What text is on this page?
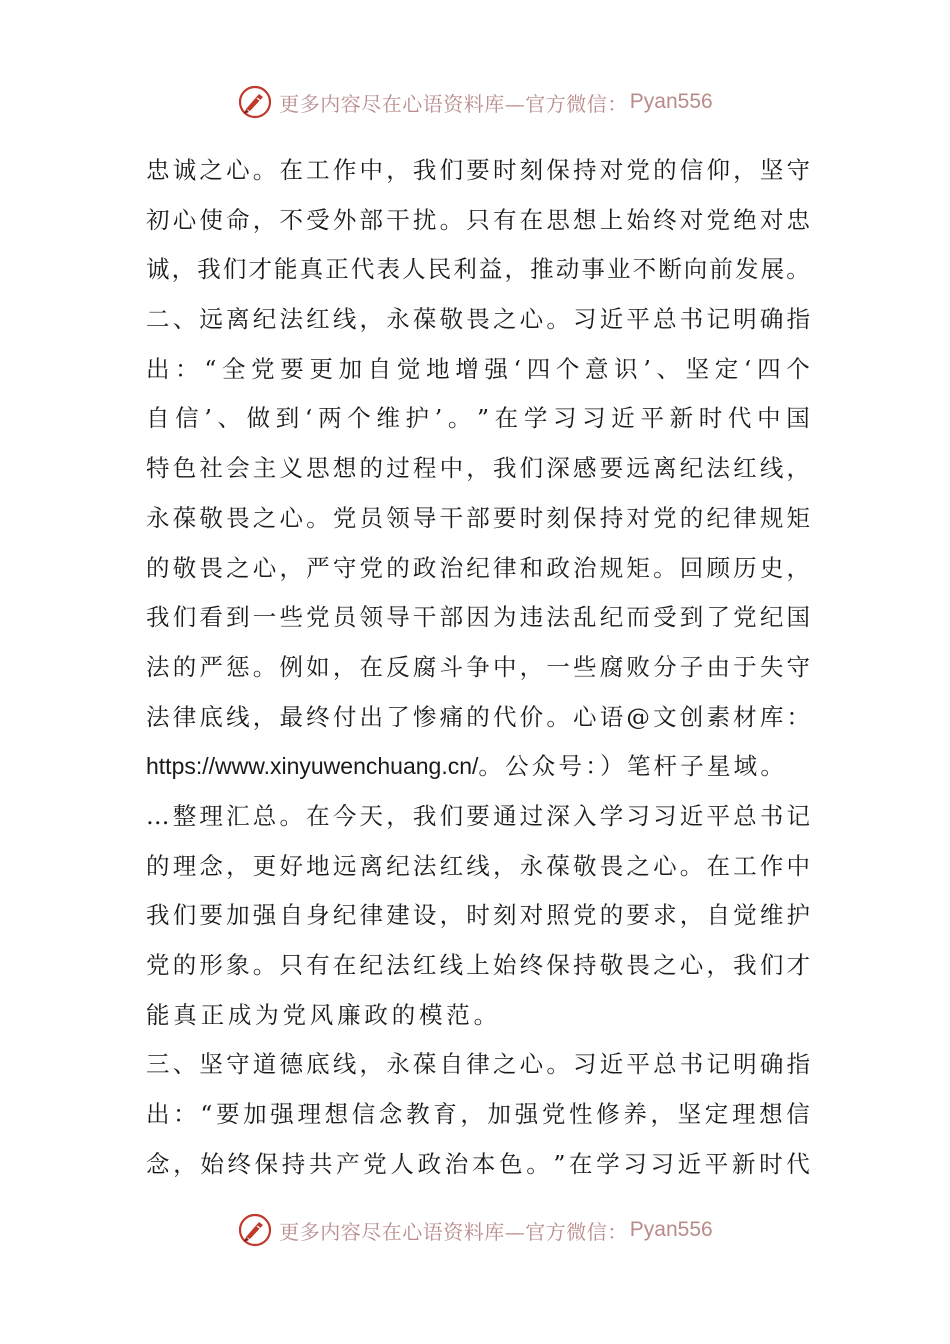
更多内容尽在心语资料库—官方微信： Pyan556
忠 诚 之 心 。 在 工 作 中 ， 我 们 要 时 刻 保 持 对 党 的 信 仰 ， 坚 守
初 心 使 命 ， 不 受 外 部 干 扰 。 只 有 在 思 想 上 始 终 对 党 绝 对 忠
诚 ， 我 们 才 能 真 正 代 表 人 民 利 益 ， 推 动 事 业 不 断 向 前 发 展 。
二 、 远 离 纪 法 红 线 ， 永 葆 敬 畏 之 心 。 习 近 平 总 书 记 明 确 指
出 ： “ 全 党 要 更 加 自 觉 地 增 强 ‘ 四 个 意 识 ’ 、 坚 定 ‘ 四 个
自 信 ’ 、 做 到 ‘ 两 个 维 护 ’ 。 ” 在 学 习 习 近 平 新 时 代 中 国
特 色 社 会 主 义 思 想 的 过 程 中 ， 我 们 深 感 要 远 离 纪 法 红 线 ，
永 葆 敬 畏 之 心 。 党 员 领 导 干 部 要 时 刻 保 持 对 党 的 纪 律 规 矩
的 敬 畏 之 心 ， 严 守 党 的 政 治 纪 律 和 政 治 规 矩 。 回 顾 历 史 ，
我 们 看 到 一 些 党 员 领 导 干 部 因 为 违 法 乱 纪 而 受 到 了 党 纪 国
法 的 严 惩 。 例 如 ， 在 反 腐 斗 争 中 ， 一 些 腐 败 分 子 由 于 失 守
法 律 底 线 ， 最 终 付 出 了 惨 痛 的 代 价 。 心 语 @ 文 创 素 材 库 ：
https://www.xinyuwenchuang.cn/ 。公众号：）笔杆子星域。
… 整 理 汇 总 。 在 今 天 ， 我 们 要 通 过 深 入 学 习 习 近 平 总 书 记
的 理 念 ， 更 好 地 远 离 纪 法 红 线 ， 永 葆 敬 畏 之 心 。 在 工 作 中
我 们 要 加 强 自 身 纪 律 建 设 ， 时 刻 对 照 党 的 要 求 ， 自 觉 维 护
党 的 形 象 。 只 有 在 纪 法 红 线 上 始 终 保 持 敬 畏 之 心 ， 我 们 才
能真正成为党风廉政的模范。
三 、 坚 守 道 德 底 线 ， 永 葆 自 律 之 心 。 习 近 平 总 书 记 明 确 指
出 ： “ 要 加 强 理 想 信 念 教 育 ， 加 强 党 性 修 养 ， 坚 定 理 想 信
念 ， 始 终 保 持 共 产 党 人 政 治 本 色 。 ” 在 学 习 习 近 平 新 时 代
更多内容尽在心语资料库—官方微信： Pyan556
